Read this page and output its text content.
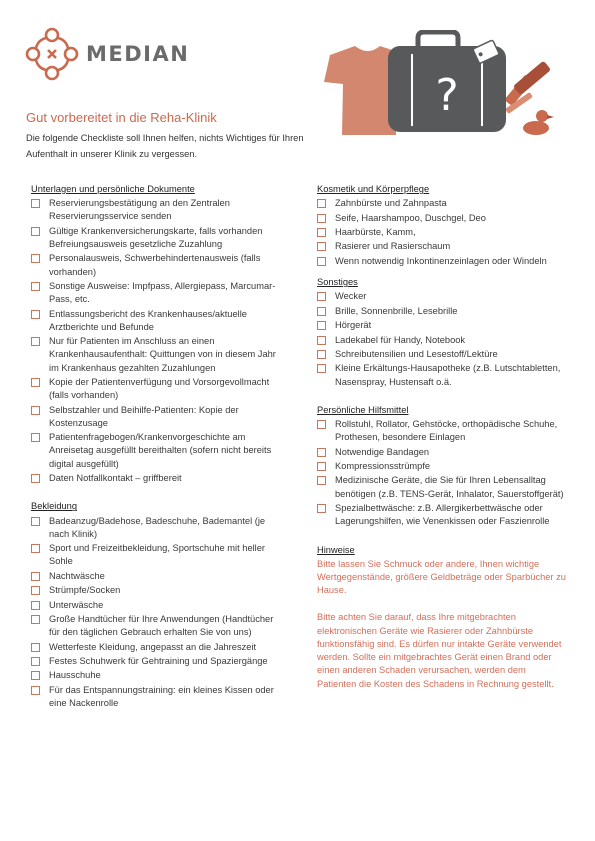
MEDIAN
?
Gut vorbereitet in die Reha-Klinik
Die folgende Checkliste soll Ihnen helfen, nichts Wichtiges für Ihren Aufenthalt in unserer Klinik zu vergessen.
Unterlagen und persönliche Dokumente
Reservierungsbestätigung an den Zentralen Reservierungsservice senden
Gültige Krankenversicherungskarte, falls vorhanden Befreiungsausweis gesetzliche Zuzahlung
Personalausweis, Schwerbehindertenausweis (falls vorhanden)
Sonstige Ausweise: Impfpass, Allergiepass, Marcumar-Pass, etc.
Entlassungsbericht des Krankenhauses/aktuelle Arztberichte und Befunde
Nur für Patienten im Anschluss an einen Krankenhausaufenthalt: Quittungen von in diesem Jahr im Krankenhaus gezahlten Zuzahlungen
Kopie der Patientenverfügung und Vorsorgevollmacht (falls vorhanden)
Selbstzahler und Beihilfe-Patienten: Kopie der Kostenzusage
Patientenfragebogen/Krankenvorgeschichte am Anreisetag ausgefüllt bereithalten (sofern nicht bereits digital ausgefüllt)
Daten Notfallkontakt – griffbereit
Bekleidung
Badeanzug/Badehose, Badeschuhe, Bademantel (je nach Klinik)
Sport und Freizeitbekleidung, Sportschuhe mit heller Sohle
Nachtwäsche
Strümpfe/Socken
Unterwäsche
Große Handtücher für Ihre Anwendungen (Handtücher für den täglichen Gebrauch erhalten Sie von uns)
Wetterfeste Kleidung, angepasst an die Jahreszeit
Festes Schuhwerk für Gehtraining und Spaziergänge
Hausschuhe
Für das Entspannungstraining: ein kleines Kissen oder eine Nackenrolle
Kosmetik und Körperpflege
Zahnbürste und Zahnpasta
Seife, Haarshampoo, Duschgel, Deo
Haarbürste, Kamm,
Rasierer und Rasierschaum
Wenn notwendig Inkontinenzeinlagen oder Windeln
Sonstiges
Wecker
Brille, Sonnenbrille, Lesebrille
Hörgerät
Ladekabel für Handy, Notebook
Schreibutensilien und Lesestoff/Lektüre
Kleine Erkältungs-Hausapotheke (z.B. Lutschtabletten, Nasenspray, Hustensaft o.ä.
Persönliche Hilfsmittel
Rollstuhl, Rollator, Gehstöcke, orthopädische Schuhe, Prothesen, besondere Einlagen
Notwendige Bandagen
Kompressionsstrümpfe
Medizinische Geräte, die Sie für Ihren Lebensalltag benötigen (z.B. TENS-Gerät, Inhalator, Sauerstoffgerät)
Spezialbettwäsche: z.B. Allergikerbettwäsche oder Lagerungshilfen, wie Venenkissen oder Faszienrolle
Hinweise

Bitte lassen Sie Schmuck oder andere, Ihnen wichtige Wertgegenstände, größere Geldbeträge oder Sparbücher zu Hause.

Bitte achten Sie darauf, dass Ihre mitgebrachten elektronischen Geräte wie Rasierer oder Zahnbürste funktionsfähig sind. Es dürfen nur intakte Geräte verwendet werden. Sollte ein mitgebrachtes Gerät einen Brand oder einen anderen Schaden verursachen, werden dem Patienten die Kosten des Schadens in Rechnung gestellt.
